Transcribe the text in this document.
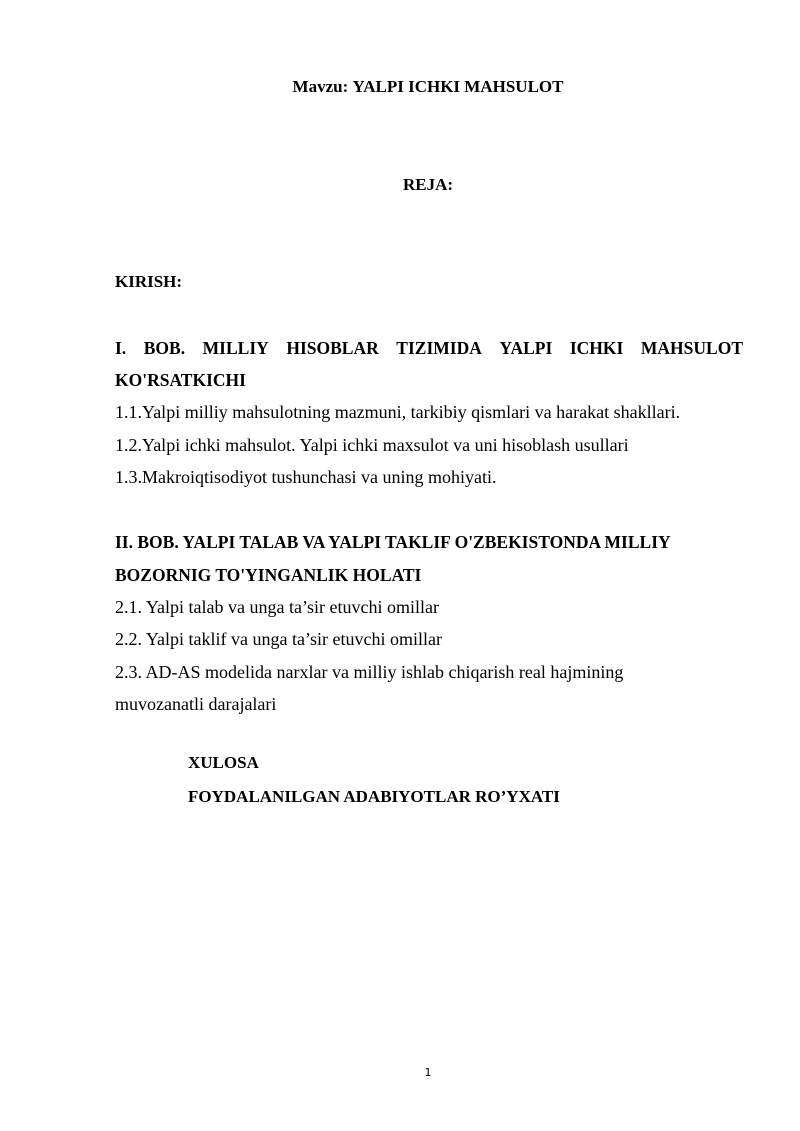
Mavzu: YALPI ICHKI MAHSULOT
REJA:
KIRISH:
I. BOB. MILLIY HISOBLAR TIZIMIDA YALPI ICHKI MAHSULOT
KO'RSATKICHI
1.1.Yalpi milliy mahsulotning mazmuni, tarkibiy qismlari va harakat shakllari.
1.2.Yalpi ichki mahsulot. Yalpi ichki maxsulot va uni hisoblash usullari
1.3.Makroiqtisodiyot tushunchasi va uning mohiyati.
II. BOB. YALPI TALAB VA YALPI TAKLIF O'ZBEKISTONDA MILLIY
BOZORNIG TO'YINGANLIK HOLATI
2.1. Yalpi talab va unga ta’sir etuvchi omillar
2.2. Yalpi taklif va unga ta’sir etuvchi omillar
2.3. AD-AS modelida narxlar va milliy ishlab chiqarish real hajmining
muvozanatli darajalari
XULOSA
FOYDALANILGAN ADABIYOTLAR RO’YXATI
1
